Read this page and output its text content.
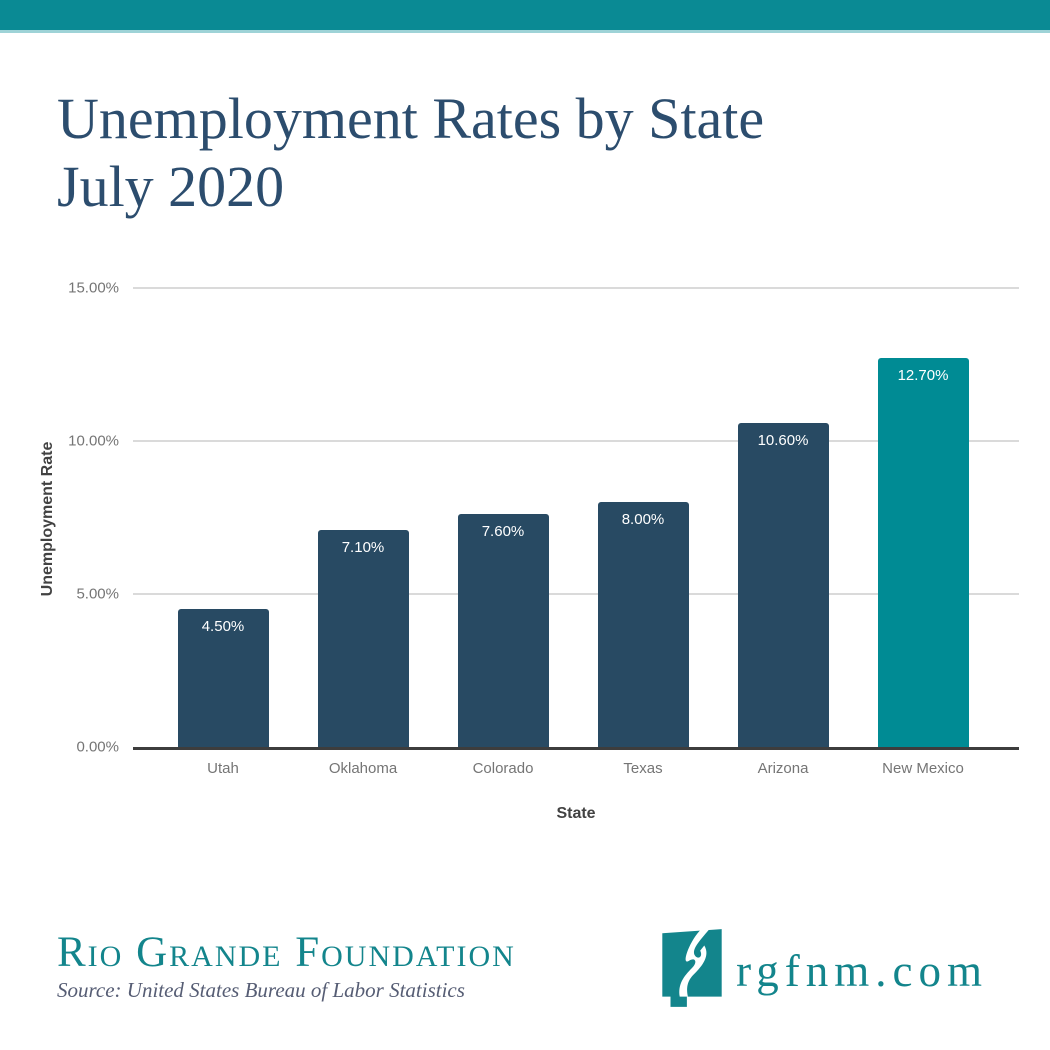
Unemployment Rates by State
July 2020
Unemployment Rate
0.00%
5.00%
10.00%
15.00%
4.50%
7.10%
7.60%
8.00%
10.60%
12.70%
Utah	Oklahoma	Colorado	Texas	Arizona	New Mexico
State
Rio Grande Foundation
Source: United States Bureau of Labor Statistics	rgfnm.com
